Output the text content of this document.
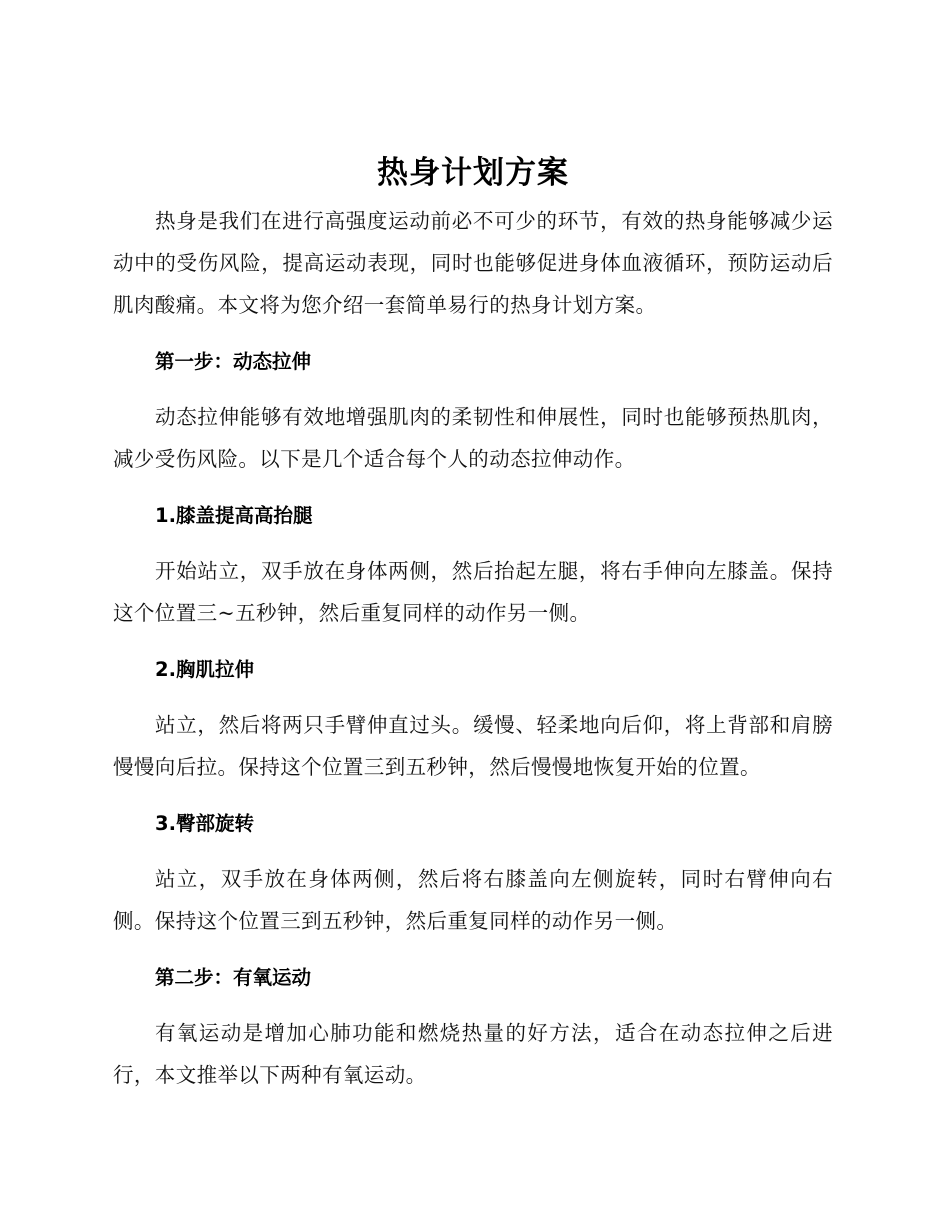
热身计划方案

热身是我们在进行高强度运动前必不可少的环节，有效的热身能够减少运动中的受伤风险，提高运动表现，同时也能够促进身体血液循环，预防运动后肌肉酸痛。本文将为您介绍一套简单易行的热身计划方案。

第一步：动态拉伸

动态拉伸能够有效地增强肌肉的柔韧性和伸展性，同时也能够预热肌肉，减少受伤风险。以下是几个适合每个人的动态拉伸动作。

1.膝盖提高高抬腿

开始站立，双手放在身体两侧，然后抬起左腿，将右手伸向左膝盖。保持这个位置三~五秒钟，然后重复同样的动作另一侧。

2.胸肌拉伸

站立，然后将两只手臂伸直过头。缓慢、轻柔地向后仰，将上背部和肩膀慢慢向后拉。保持这个位置三到五秒钟，然后慢慢地恢复开始的位置。

3.臀部旋转

站立，双手放在身体两侧，然后将右膝盖向左侧旋转，同时右臂伸向右侧。保持这个位置三到五秒钟，然后重复同样的动作另一侧。

第二步：有氧运动

有氧运动是增加心肺功能和燃烧热量的好方法，适合在动态拉伸之后进行，本文推举以下两种有氧运动。
